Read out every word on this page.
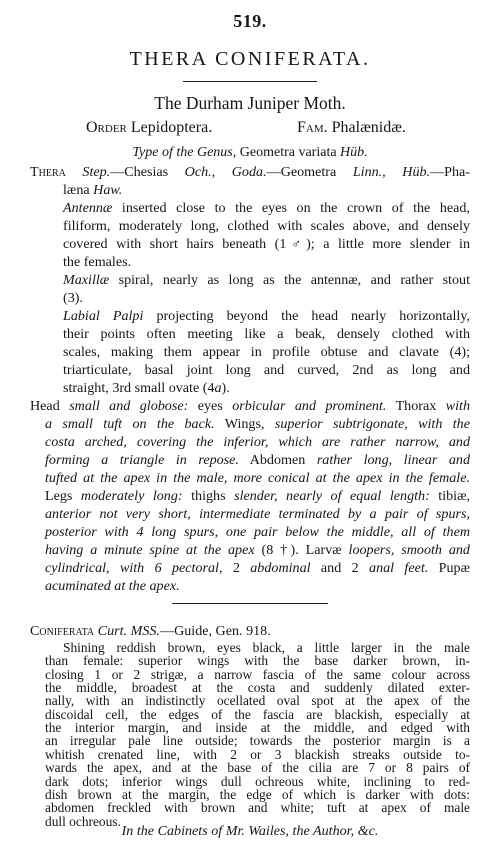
519.
THERA CONIFERATA.
The Durham Juniper Moth.
Order Lepidoptera.	Fam. Phalænidæ.
Type of the Genus, Geometra variata Hüb.
Thera Step.—Chesias Och., Goda.—Geometra Linn., Hüb.—Pha-
læna Haw.
Antennæ inserted close to the eyes on the crown of the head,
filiform, moderately long, clothed with scales above, and densely
covered with short hairs beneath (1♂); a little more slender in
the females.
Maxillæ spiral, nearly as long as the antennæ, and rather stout
(3).
Labial Palpi projecting beyond the head nearly horizontally,
their points often meeting like a beak, densely clothed with
scales, making them appear in profile obtuse and clavate (4);
triarticulate, basal joint long and curved, 2nd as long and
straight, 3rd small ovate (4a).
Head small and globose: eyes orbicular and prominent. Thorax with
a small tuft on the back. Wings, superior subtrigonate, with the
costa arched, covering the inferior, which are rather narrow, and
forming a triangle in repose. Abdomen rather long, linear and
tufted at the apex in the male, more conical at the apex in the female.
Legs moderately long: thighs slender, nearly of equal length: tibiæ,
anterior not very short, intermediate terminated by a pair of spurs,
posterior with 4 long spurs, one pair below the middle, all of them
having a minute spine at the apex (8 †). Larvæ loopers, smooth and
cylindrical, with 6 pectoral, 2 abdominal and 2 anal feet. Pupæ
acuminated at the apex.
Coniferata Curt. MSS.—Guide, Gen. 918.
Shining reddish brown, eyes black, a little larger in the male
than female: superior wings with the base darker brown, in-
closing 1 or 2 strigæ, a narrow fascia of the same colour across
the middle, broadest at the costa and suddenly dilated exter-
nally, with an indistinctly ocellated oval spot at the apex of the
discoidal cell, the edges of the fascia are blackish, especially at
the interior margin, and inside at the middle, and edged with
an irregular pale line outside; towards the posterior margin is a
whitish crenated line, with 2 or 3 blackish streaks outside to-
wards the apex, and at the base of the cilia are 7 or 8 pairs of
dark dots; inferior wings dull ochreous white, inclining to red-
dish brown at the margin, the edge of which is darker with dots:
abdomen freckled with brown and white; tuft at apex of male
dull ochreous.
In the Cabinets of Mr. Wailes, the Author, &c.
